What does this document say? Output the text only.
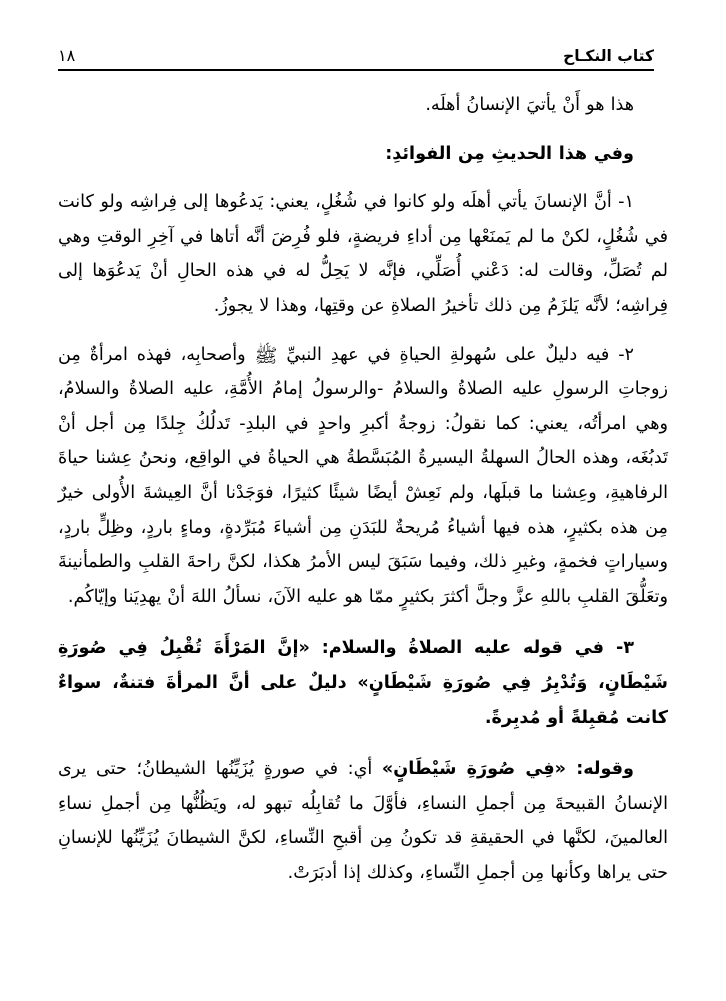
كتاب النكـاح
١٨

هذا هو أَنْ يأتيَ الإنسانُ أهلَه.

وفي هذا الحديثِ مِن الفوائدِ:

١- أنَّ الإنسانَ يأتي أهلَه ولو كانوا في شُغُلٍ، يعني: يَدعُوها إلى فِراشِه ولو كانت في شُغُلٍ، لكنْ ما لم يَمنَعْها مِن أداءِ فريضةٍ، فلو فُرِضَ أنَّه أتاها في آخِرِ الوقتِ وهي لم تُصَلِّ، وقالت له: دَعْني أُصَلِّي، فإنَّه لا يَحِلُّ له في هذه الحالِ أنْ يَدعُوَها إلى فِراشِه؛ لأنَّه يَلزَمُ مِن ذلك تأخيرُ الصلاةِ عن وقتِها، وهذا لا يجوزُ.

٢- فيه دليلٌ على سُهولةِ الحياةِ في عهدِ النبيِّ ﷺ وأصحابِه، فهذه امرأةٌ مِن زوجاتِ الرسولِ عليه الصلاةُ والسلامُ -والرسولُ إمامُ الأُمَّةِ، عليه الصلاةُ والسلامُ، وهي امرأتُه، يعني: كما نقولُ: زوجةُ أكبرِ واحدٍ في البلدِ- تَدلُكُ جِلدًا مِن أجل أنْ تَدبُغَه، وهذه الحالُ السهلةُ اليسيرةُ المُبَسَّطةُ هي الحياةُ في الواقِع، ونحنُ عِشنا حياةَ الرفاهيةِ، وعِشنا ما قبلَها، ولم نَعِشْ أيضًا شيئًا كثيرًا، فوَجَدْنا أنَّ العِيشةَ الأُولى خيرٌ مِن هذه بكثيرٍ، هذه فيها أشياءُ مُريحةٌ للبَدَنِ مِن أشياءَ مُبَرِّدةٍ، وماءٍ باردٍ، وظِلٍّ باردٍ، وسياراتٍ فخمةٍ، وغيرِ ذلك، وفيما سَبَقَ ليس الأمرُ هكذا، لكنَّ راحةَ القلبِ والطمأنينةَ وتعَلُّقَ القلبِ باللهِ عزَّ وجلَّ أكثرَ بكثيرٍ ممّا هو عليه الآنَ، نسألُ اللهَ أنْ يهدِيَنا وإيّاكُم.

٣- في قوله عليه الصلاةُ والسلام: «إنَّ المَرْأَةَ تُقْبِلُ فِي صُورَةِ شَيْطَانٍ، وَتُدْبِرُ فِي صُورَةِ شَيْطَانٍ» دليلٌ على أنَّ المرأةَ فتنةٌ، سواءٌ كانت مُقبِلةً أو مُدبِرةً.

وقوله: «فِي صُورَةِ شَيْطَانٍ» أي: في صورةٍ يُزَيِّنُها الشيطانُ؛ حتى يرى الإنسانُ القبيحةَ مِن أجملِ النساءِ، فأوَّلَ ما تُقابِلُه تبهو له، ويَظُنُّها مِن أجملِ نساءِ العالمينَ، لكنَّها في الحقيقةِ قد تكونُ مِن أقبحِ النِّساءِ، لكنَّ الشيطانَ يُزَيِّنُها للإنسانِ حتى يراها وكأنها مِن أجملِ النِّساءِ، وكذلك إذا أدبَرَتْ.
